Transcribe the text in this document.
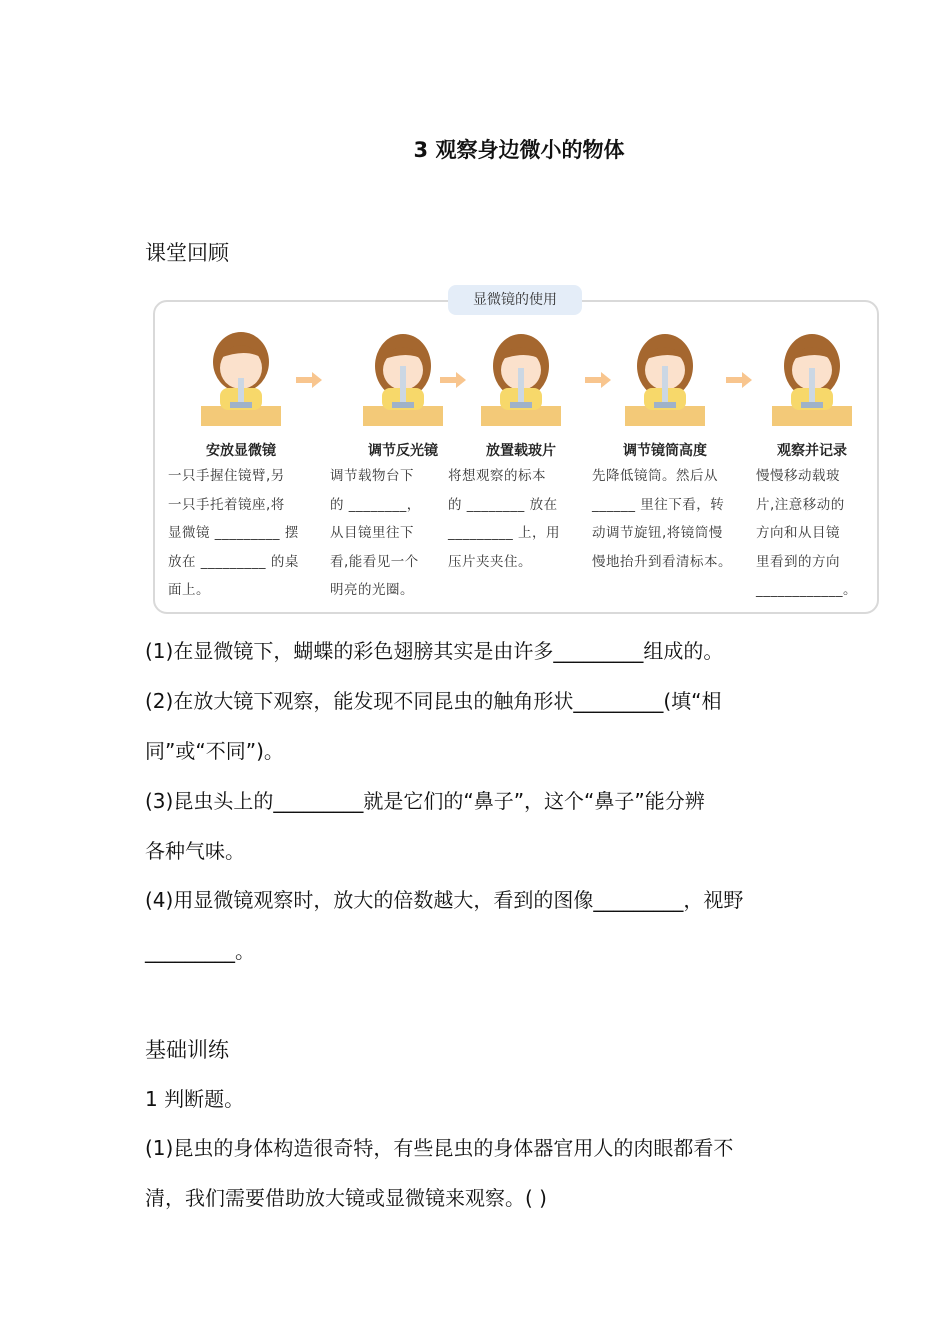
3 观察身边微小的物体
课堂回顾
显微镜的使用
安放显微镜
一只手握住镜臂,另
一只手托着镜座,将
显微镜 _________ 摆
放在 _________ 的桌
面上。
调节反光镜
调节载物台下
的 ________，
从目镜里往下
看,能看见一个
明亮的光圈。
放置载玻片
将想观察的标本
的 ________ 放在
_________ 上，用
压片夹夹住。
调节镜筒高度
先降低镜筒。然后从
______ 里往下看，转
动调节旋钮,将镜筒慢
慢地抬升到看清标本。
观察并记录
慢慢移动载玻
片,注意移动的
方向和从目镜
里看到的方向
____________。
(1)在显微镜下，蝴蝶的彩色翅膀其实是由许多_________组成的。
(2)在放大镜下观察，能发现不同昆虫的触角形状_________(填“相
同”或“不同”)。
(3)昆虫头上的_________就是它们的“鼻子”，这个“鼻子”能分辨
各种气味。
(4)用显微镜观察时，放大的倍数越大，看到的图像_________，视野
_________。
基础训练
1 判断题。
(1)昆虫的身体构造很奇特，有些昆虫的身体器官用人的肉眼都看不
清，我们需要借助放大镜或显微镜来观察。( )
